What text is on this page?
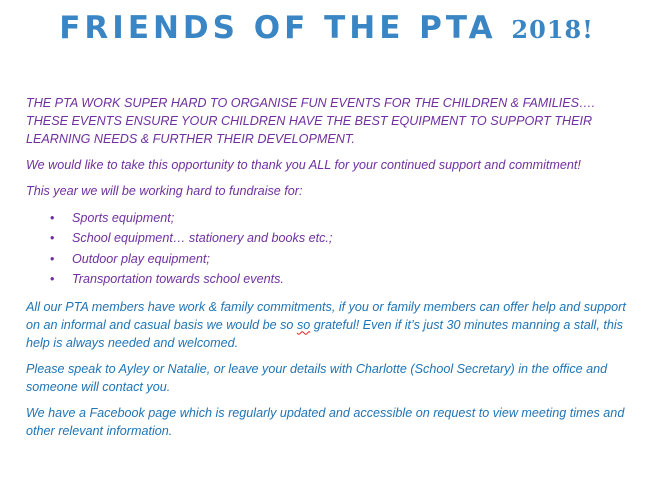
FRIENDS OF THE PTA 2018!

THE PTA WORK SUPER HARD TO ORGANISE FUN EVENTS FOR THE CHILDREN & FAMILIES…. THESE EVENTS ENSURE YOUR CHILDREN HAVE THE BEST EQUIPMENT TO SUPPORT THEIR LEARNING NEEDS & FURTHER THEIR DEVELOPMENT.

We would like to take this opportunity to thank you ALL for your continued support and commitment!

This year we will be working hard to fundraise for:

• Sports equipment;
• School equipment… stationery and books etc.;
• Outdoor play equipment;
• Transportation towards school events.

All our PTA members have work & family commitments, if you or family members can offer help and support on an informal and casual basis we would be so so grateful! Even if it’s just 30 minutes manning a stall, this help is always needed and welcomed.

Please speak to Ayley or Natalie, or leave your details with Charlotte (School Secretary) in the office and someone will contact you.

We have a Facebook page which is regularly updated and accessible on request to view meeting times and other relevant information.
